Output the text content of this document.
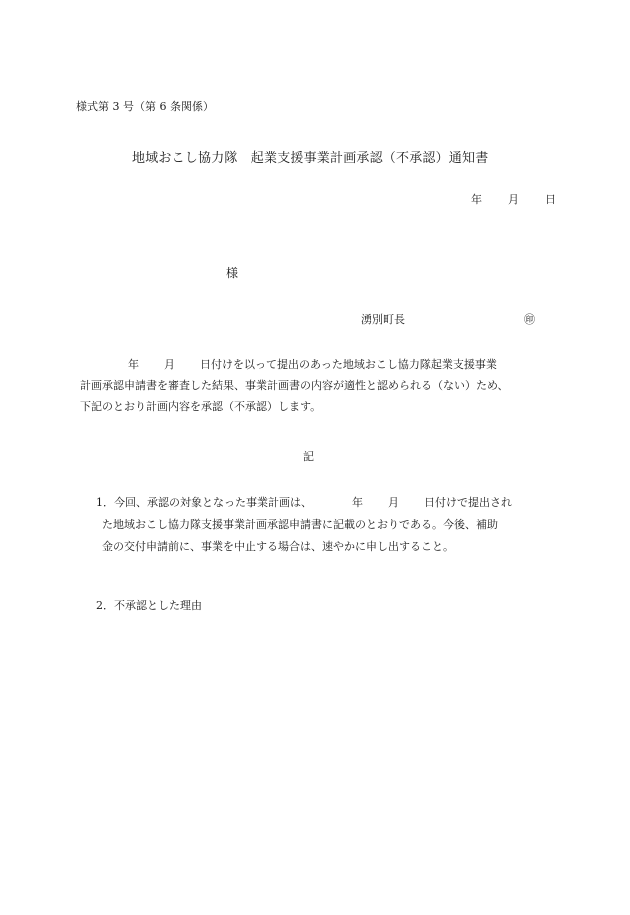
様式第 3 号（第 6 条関係）
地域おこし協力隊　起業支援事業計画承認（不承認）通知書
年 月 日
様
湧別町長	㊞
年 月 日付けを以って提出のあった地域おこし協力隊起業支援事業
計画承認申請書を審査した結果、事業計画書の内容が適性と認められる（ない）ため、
下記のとおり計画内容を承認（不承認）します。
記
1．今回、承認の対象となった事業計画は、	年 月 日付けで提出され
た地域おこし協力隊支援事業計画承認申請書に記載のとおりである。今後、補助
金の交付申請前に、事業を中止する場合は、速やかに申し出すること。
2．不承認とした理由
